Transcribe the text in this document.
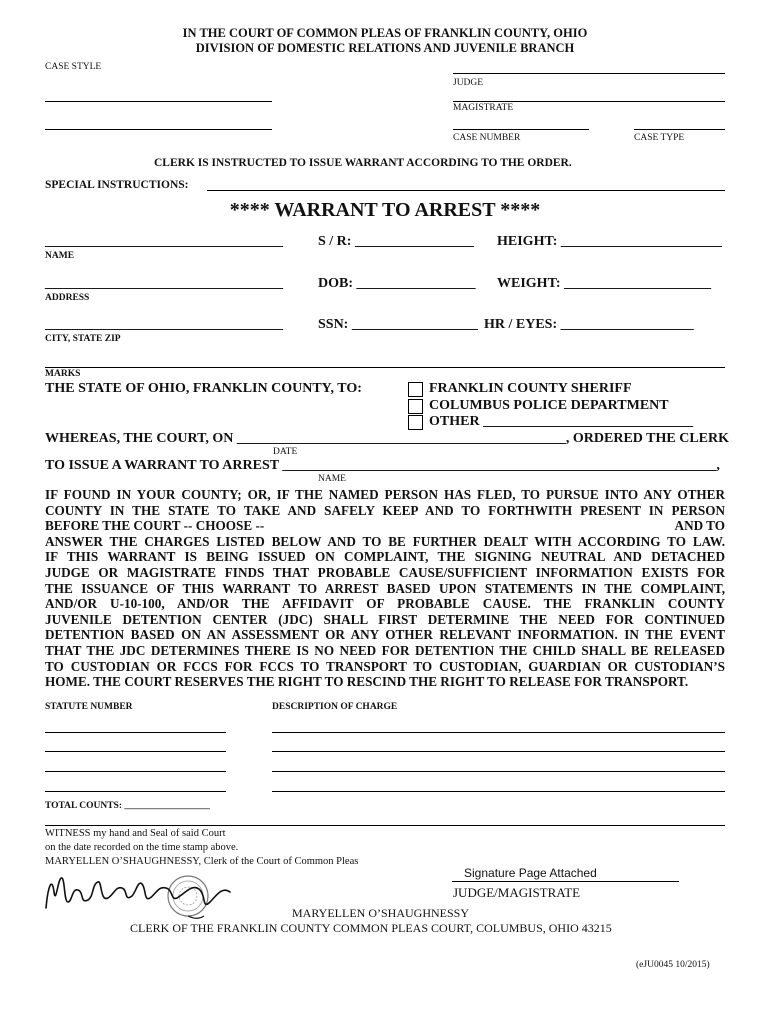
IN THE COURT OF COMMON PLEAS OF FRANKLIN COUNTY, OHIO
DIVISION OF DOMESTIC RELATIONS AND JUVENILE BRANCH
CASE STYLE
JUDGE
MAGISTRATE
CASE NUMBER	CASE TYPE
CLERK IS INSTRUCTED TO ISSUE WARRANT ACCORDING TO THE ORDER.
SPECIAL INSTRUCTIONS:
**** WARRANT TO ARREST ****
__________________________________
NAME
S / R: _________________ HEIGHT: _______________________
__________________________________
ADDRESS
DOB: _________________ WEIGHT: _____________________
__________________________________
CITY, STATE ZIP
SSN: __________________ HR / EYES: ___________________
MARKS
THE STATE OF OHIO, FRANKLIN COUNTY, TO:	FRANKLIN COUNTY SHERIFF
COLUMBUS POLICE DEPARTMENT
OTHER ______________________________
WHEREAS, THE COURT, ON _______________________________________________, ORDERED THE CLERK
DATE
TO ISSUE A WARRANT TO ARREST ______________________________________________________________,
NAME
IF FOUND IN YOUR COUNTY; OR, IF THE NAMED PERSON HAS FLED, TO PURSUE INTO ANY OTHER
COUNTY IN THE STATE TO TAKE AND SAFELY KEEP AND TO FORTHWITH PRESENT IN PERSON
BEFORE THE COURT -- CHOOSE --	AND TO
ANSWER THE CHARGES LISTED BELOW AND TO BE FURTHER DEALT WITH ACCORDING TO LAW.
IF THIS WARRANT IS BEING ISSUED ON COMPLAINT, THE SIGNING NEUTRAL AND DETACHED
JUDGE OR MAGISTRATE FINDS THAT PROBABLE CAUSE/SUFFICIENT INFORMATION EXISTS FOR
THE ISSUANCE OF THIS WARRANT TO ARREST BASED UPON STATEMENTS IN THE COMPLAINT,
AND/OR U-10-100, AND/OR THE AFFIDAVIT OF PROBABLE CAUSE. THE FRANKLIN COUNTY
JUVENILE DETENTION CENTER (JDC) SHALL FIRST DETERMINE THE NEED FOR CONTINUED
DETENTION BASED ON AN ASSESSMENT OR ANY OTHER RELEVANT INFORMATION. IN THE EVENT
THAT THE JDC DETERMINES THERE IS NO NEED FOR DETENTION THE CHILD SHALL BE RELEASED
TO CUSTODIAN OR FCCS FOR FCCS TO TRANSPORT TO CUSTODIAN, GUARDIAN OR CUSTODIAN’S
HOME. THE COURT RESERVES THE RIGHT TO RESCIND THE RIGHT TO RELEASE FOR TRANSPORT.
STATUTE NUMBER	DESCRIPTION OF CHARGE
TOTAL COUNTS: __________________
WITNESS my hand and Seal of said Court
on the date recorded on the time stamp above.
MARYELLEN O’SHAUGHNESSY, Clerk of the Court of Common Pleas
Signature Page Attached
JUDGE/MAGISTRATE
MARYELLEN O’SHAUGHNESSY
CLERK OF THE FRANKLIN COUNTY COMMON PLEAS COURT, COLUMBUS, OHIO 43215
(eJU0045 10/2015)
